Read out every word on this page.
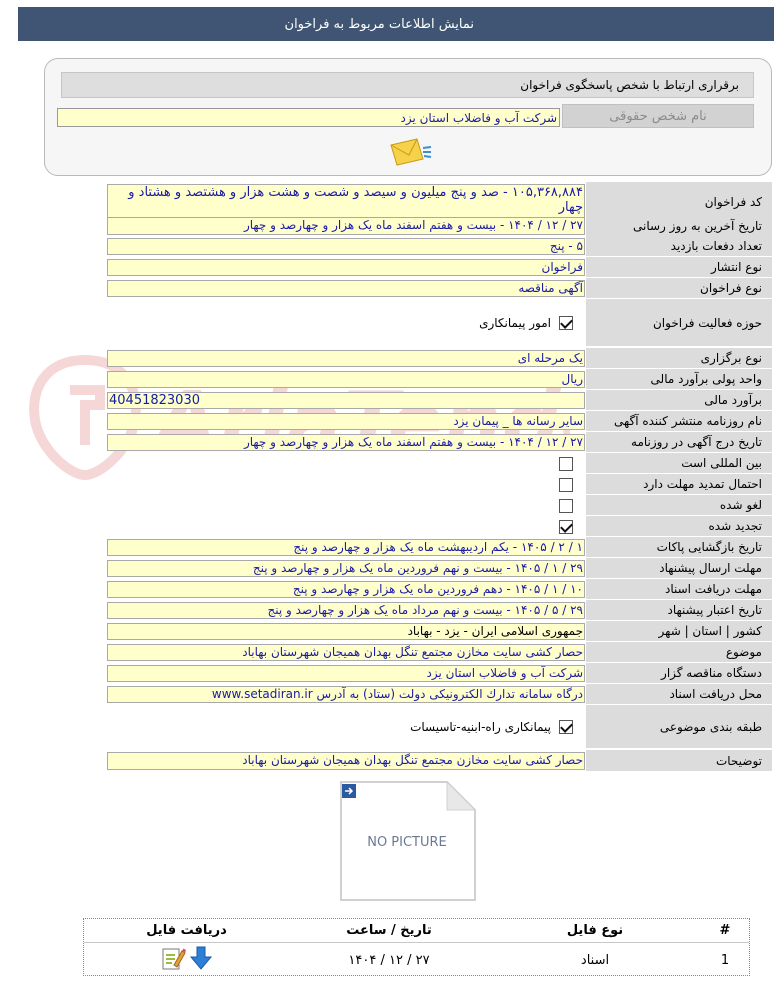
نمایش اطلاعات مربوط به فراخوان
برقراری ارتباط با شخص پاسخگوی فراخوان
نام شخص حقوقی
شرکت آب و فاضلاب استان یزد
کد فراخوان
۱۰۵,۳۶۸,۸۸۴ - صد و پنج میلیون و سیصد و شصت و هشت هزار و هشتصد و هشتاد و چهار
تاریخ آخرین به روز رسانی
۲۷ / ۱۲ / ۱۴۰۴ - بیست و هفتم اسفند ماه یک هزار و چهارصد و چهار
تعداد دفعات بازدید
۵ - پنج
نوع انتشار
فراخوان
نوع فراخوان
آگهی مناقصه
حوزه فعالیت فراخوان
امور پیمانکاری
نوع برگزاری
یک مرحله ای
واحد پولی برآورد مالی
ریال
برآورد مالی
40451823030
نام روزنامه منتشر کننده آگهی
سایر رسانه ها _ پیمان یزد
تاریخ درج آگهی در روزنامه
۲۷ / ۱۲ / ۱۴۰۴ - بیست و هفتم اسفند ماه یک هزار و چهارصد و چهار
بین المللی است
احتمال تمدید مهلت دارد
لغو شده
تجدید شده
تاریخ بازگشایی پاکات
۱ / ۲ / ۱۴۰۵ - یکم اردیبهشت ماه یک هزار و چهارصد و پنج
مهلت ارسال پیشنهاد
۲۹ / ۱ / ۱۴۰۵ - بیست و نهم فروردین ماه یک هزار و چهارصد و پنج
مهلت دریافت اسناد
۱۰ / ۱ / ۱۴۰۵ - دهم فروردین ماه یک هزار و چهارصد و پنج
تاریخ اعتبار پیشنهاد
۲۹ / ۵ / ۱۴۰۵ - بیست و نهم مرداد ماه یک هزار و چهارصد و پنج
کشور | استان | شهر
جمهوری اسلامی ایران - یزد - بهاباد
موضوع
حصار کشی سایت مخازن مجتمع تنگل بهدان همیجان شهرستان بهاباد
دستگاه مناقصه گزار
شرکت آب و فاضلاب استان یزد
محل دریافت اسناد
درگاه سامانه تدارك الکترونیکی دولت (ستاد) به آدرس www.setadiran.ir
طبقه بندی موضوعی
پیمانکاری راه-ابنیه-تاسیسات
توضیحات
حصار کشی سایت مخازن مجتمع تنگل بهدان همیجان شهرستان بهاباد
NO PICTURE
#
نوع فایل
تاریخ / ساعت
دریافت فایل
1
اسناد
۲۷ / ۱۲ / ۱۴۰۴
